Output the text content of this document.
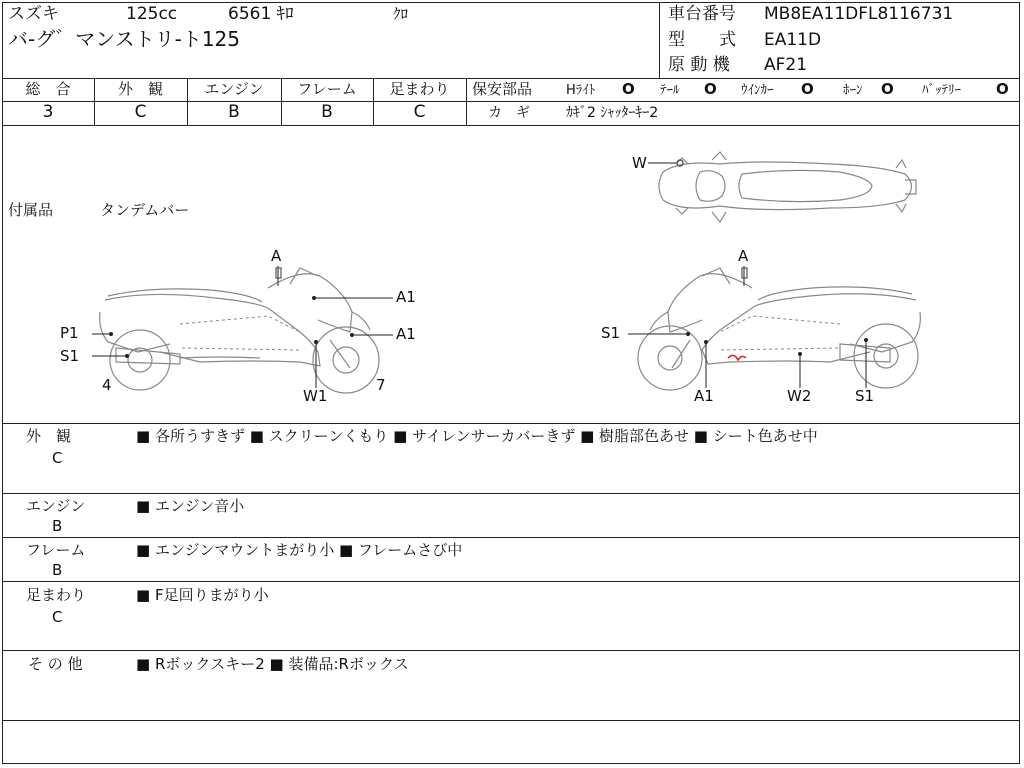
スズキ	125cc	6561 ｷﾛ	ｸﾛ
バ-グ゛マンストリ-ト125
車台番号 MB8EA11DFL8116731
型　　式 EA11D
原 動 機 AF21
総　合	外　観	エンジン	フレーム	足まわり
3	C	B	B	C
保安部品	Hﾗｲﾄ O ﾃｰﾙ O ｳｲﾝｶｰ O ﾎｰﾝ O ﾊﾞｯﾃﾘｰ O
カ　ギ	ｶｷﾞ2 ｼｬｯﾀｰｷｰ2
付属品	タンデムバー
W
A
A1
A1
P1
S1
4
W1
7
A
S1
A1	W2	S1
外　観
C
■ 各所うすきず ■ スクリーンくもり ■ サイレンサーカバーきず ■ 樹脂部色あせ ■ シート色あせ中
エンジン
B
■ エンジン音小
フレーム
B
■ エンジンマウントまがり小 ■ フレームさび中
足まわり
C
■ F足回りまがり小
そ の 他	■ Rボックスキー2 ■ 装備品:Rボックス
